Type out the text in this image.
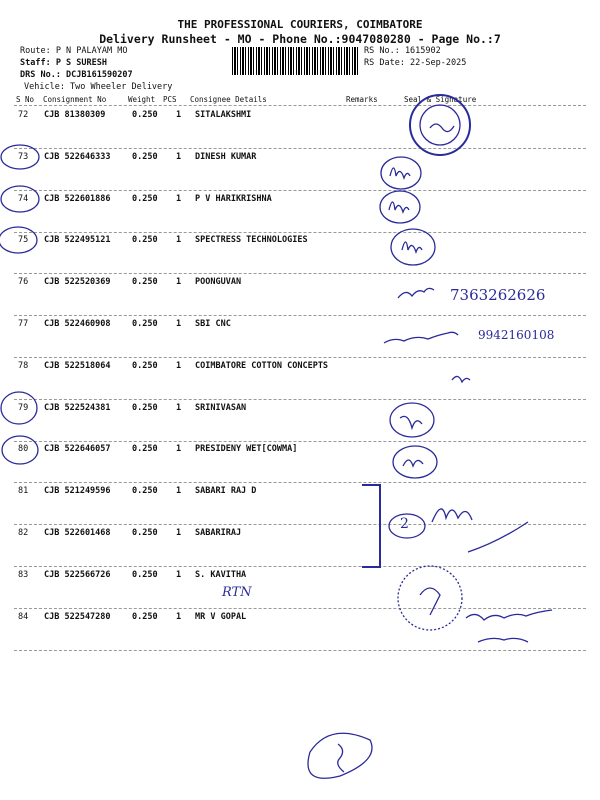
THE PROFESSIONAL COURIERS, COIMBATORE
Delivery Runsheet - MO - Phone No.:9047080280 - Page No.:7
Route: P N PALAYAM MO
Staff: P S SURESH
DRS No.: DCJB161590207
Vehicle: Two Wheeler Delivery
RS No.: 1615902
RS Date: 22-Sep-2025
S No Consignment No	Weight PCS Consignee Details	Remarks	Seal & Signature
72 CJB 81380309	0.250 1 SITALAKSHMI
73 CJB 522646333	0.250 1 DINESH KUMAR
74 CJB 522601886	0.250 1 P V HARIKRISHNA
75 CJB 522495121	0.250 1 SPECTRESS TECHNOLOGIES
76 CJB 522520369	0.250 1 POONGUVAN
77 CJB 522460908	0.250 1 SBI CNC
78 CJB 522518064	0.250 1 COIMBATORE COTTON CONCEPTS
79 CJB 522524381	0.250 1 SRINIVASAN
80 CJB 522646057	0.250 1 PRESIDENY WET[COWMA]
81 CJB 521249596	0.250 1 SABARI RAJ D
82 CJB 522601468	0.250 1 SABARIRAJ
83 CJB 522566726	0.250 1 S. KAVITHA
84 CJB 522547280	0.250 1 MR V GOPAL
7363262626
9942160108
RTN
2
